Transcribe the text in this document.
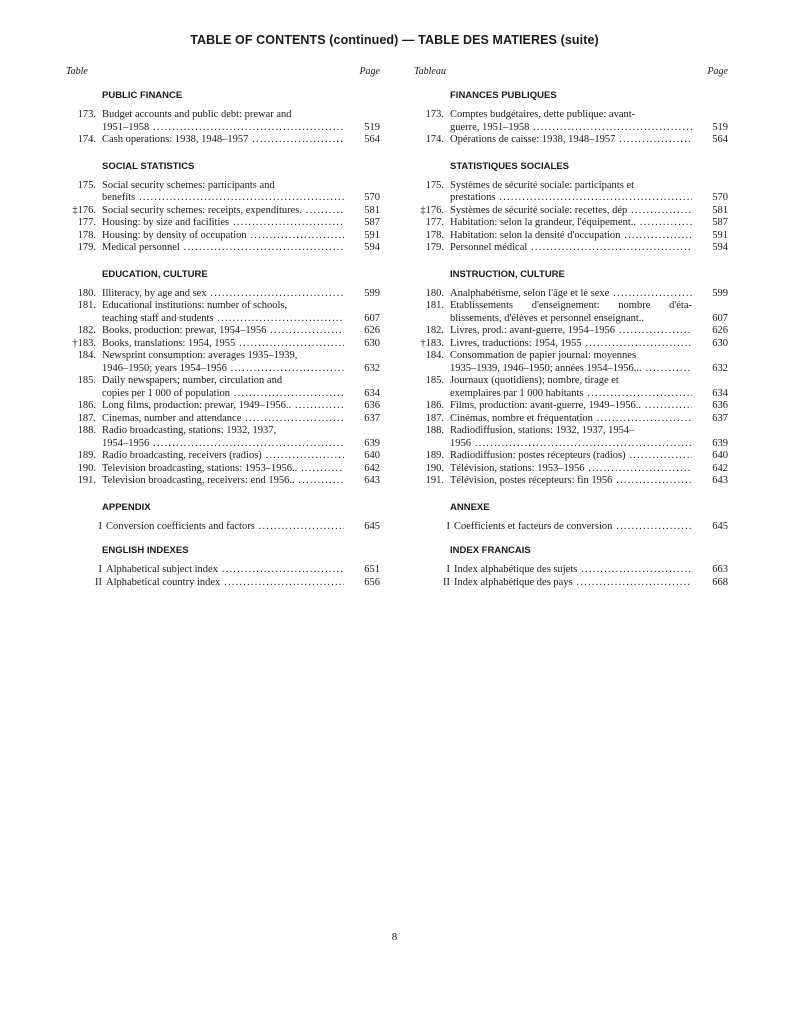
TABLE OF CONTENTS (continued) — TABLE DES MATIERES (suite)
Table	Page
PUBLIC FINANCE
173. Budget accounts and public debt: prewar and
1951–1958 .....	519
174. Cash operations: 1938, 1948–1957 .....	564
SOCIAL STATISTICS
175. Social security schemes: participants and
benefits .....	570
‡176. Social security schemes: receipts, expenditures. .....	581
177. Housing: by size and facilities .....	587
178. Housing: by density of occupation .....	591
179. Medical personnel .....	594
EDUCATION, CULTURE
180. Illiteracy, by age and sex .....	599
181. Educational institutions: number of schools,
teaching staff and students .....	607
182. Books, production: prewar, 1954–1956 .....	626
†183. Books, translations: 1954, 1955 .....	630
184. Newsprint consumption: averages 1935–1939,
1946–1950; years 1954–1956 .....	632
185. Daily newspapers; number, circulation and
copies per 1 000 of population .....	634
186. Long films, production: prewar, 1949–1956.. .....	636
187. Cinemas, number and attendance .....	637
188. Radio broadcasting, stations: 1932, 1937,
1954–1956 .....	639
189. Radio broadcasting, receivers (radios) .....	640
190. Television broadcasting, stations: 1953–1956.. .....	642
191. Television broadcasting, receivers: end 1956.. .....	643
APPENDIX
I Conversion coefficients and factors .....	645
ENGLISH INDEXES
I Alphabetical subject index .....	651
II Alphabetical country index .....	656
Tableau	Page
FINANCES PUBLIQUES
173. Comptes budgétaires, dette publique: avant-
guerre, 1951–1958 .....	519
174. Opérations de caisse: 1938, 1948–1957 .....	564
STATISTIQUES SOCIALES
175. Systèmes de sécurité sociale: participants et
prestations .....	570
‡176. Systèmes de sécurité sociale: recettes, dép .....	581
177. Habitation: selon la grandeur, l'équipement.. .....	587
178. Habitation: selon la densité d'occupation .....	591
179. Personnel médical .....	594
INSTRUCTION, CULTURE
180. Analphabétisme, selon l'âge et le sexe .....	599
181. Etablissements d'enseignement: nombre d'éta-blissements, d'élèves et personnel enseignant..	607
182. Livres, prod.: avant-guerre, 1954–1956 .....	626
†183. Livres, traductions: 1954, 1955 .....	630
184. Consommation de papier journal: moyennes
1935–1939, 1946–1950; années 1954–1956... .....	632
185. Journaux (quotidiens); nombre, tirage et
exemplaires par 1 000 habitants .....	634
186. Films, production: avant-guerre, 1949–1956.. .....	636
187. Cinémas, nombre et fréquentation .....	637
188. Radiodiffusion, stations: 1932, 1937, 1954–
1956 .....	639
189. Radiodiffusion: postes récepteurs (radios) .....	640
190. Télévision, stations: 1953–1956 .....	642
191. Télévision, postes récepteurs: fin 1956 .....	643
ANNEXE
I Coefficients et facteurs de conversion .....	645
INDEX FRANCAIS
I Index alphabétique des sujets .....	663
II Index alphabétique des pays .....	668
8
